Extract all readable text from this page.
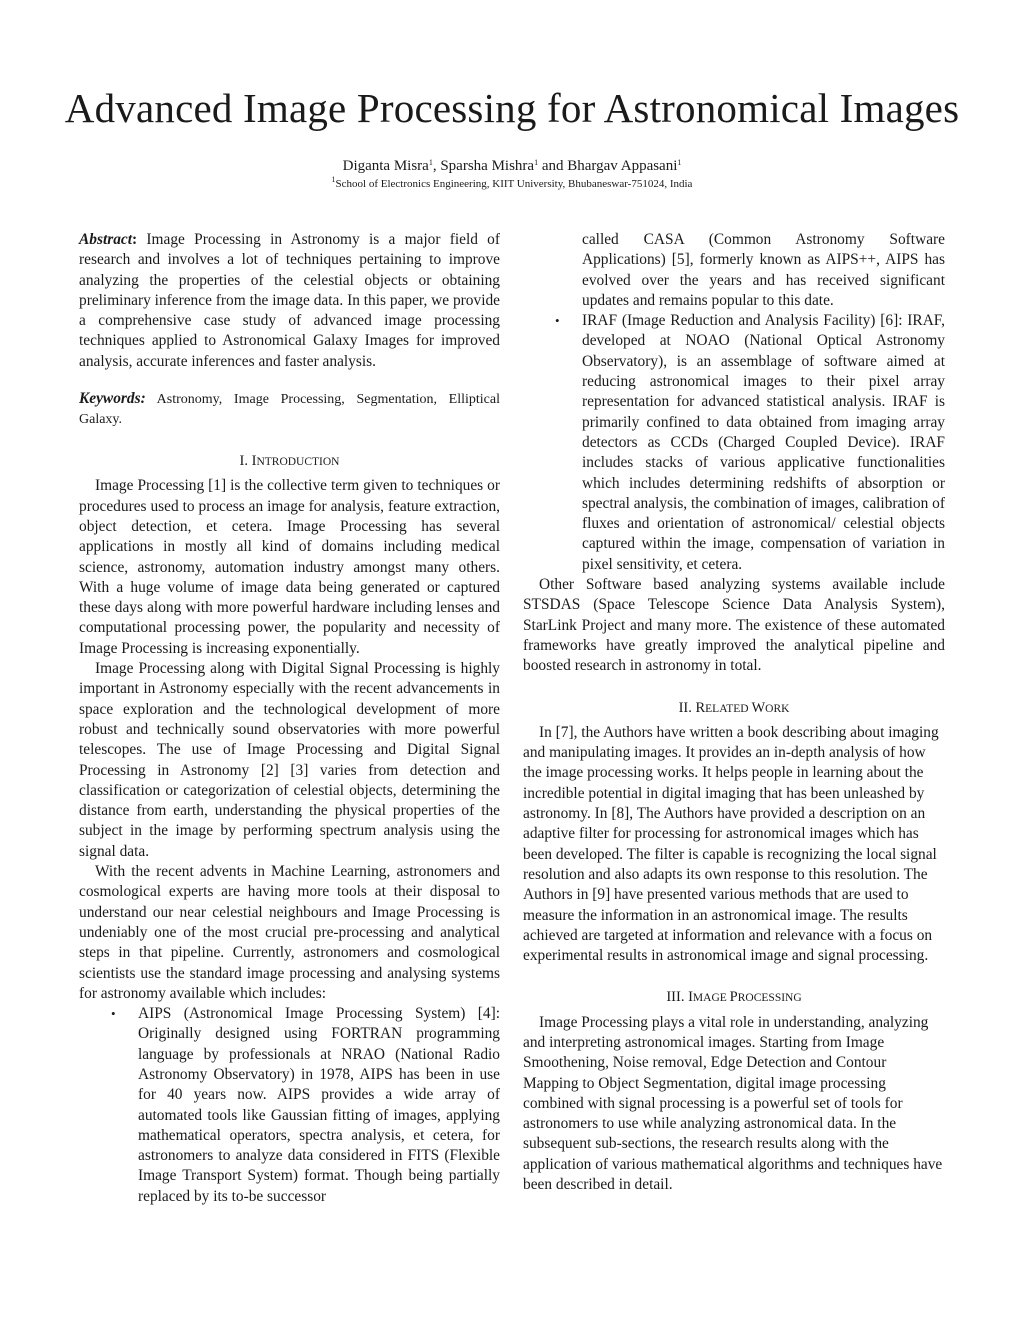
Advanced Image Processing for Astronomical Images
Diganta Misra$^1$, Sparsha Mishra$^1$ and Bhargav Appasani$^1$
$^1$School of Electronics Engineering, KIIT University, Bhubaneswar-751024, India

Abstract: Image Processing in Astronomy is a major field of research and involves a lot of techniques pertaining to improve analyzing the properties of the celestial objects or obtaining preliminary inference from the image data. In this paper, we provide a comprehensive case study of advanced image processing techniques applied to Astronomical Galaxy Images for improved analysis, accurate inferences and faster analysis.

Keywords: Astronomy, Image Processing, Segmentation, Elliptical Galaxy.

I. INTRODUCTION

Image Processing [1] is the collective term given to techniques or procedures used to process an image for analysis, feature extraction, object detection, et cetera. Image Processing has several applications in mostly all kind of domains including medical science, astronomy, automation industry amongst many others. With a huge volume of image data being generated or captured these days along with more powerful hardware including lenses and computational processing power, the popularity and necessity of Image Processing is increasing exponentially.

Image Processing along with Digital Signal Processing is highly important in Astronomy especially with the recent advancements in space exploration and the technological development of more robust and technically sound observatories with more powerful telescopes. The use of Image Processing and Digital Signal Processing in Astronomy [2] [3] varies from detection and classification or categorization of celestial objects, determining the distance from earth, understanding the physical properties of the subject in the image by performing spectrum analysis using the signal data.

With the recent advents in Machine Learning, astronomers and cosmological experts are having more tools at their disposal to understand our near celestial neighbours and Image Processing is undeniably one of the most crucial pre-processing and analytical steps in that pipeline. Currently, astronomers and cosmological scientists use the standard image processing and analysing systems for astronomy available which includes:

• AIPS (Astronomical Image Processing System) [4]: Originally designed using FORTRAN programming language by professionals at NRAO (National Radio Astronomy Observatory) in 1978, AIPS has been in use for 40 years now. AIPS provides a wide array of automated tools like Gaussian fitting of images, applying mathematical operators, spectra analysis, et cetera, for astronomers to analyze data considered in FITS (Flexible Image Transport System) format. Though being partially replaced by its to-be successor

called CASA (Common Astronomy Software Applications) [5], formerly known as AIPS++, AIPS has evolved over the years and has received significant updates and remains popular to this date.

• IRAF (Image Reduction and Analysis Facility) [6]: IRAF, developed at NOAO (National Optical Astronomy Observatory), is an assemblage of software aimed at reducing astronomical images to their pixel array representation for advanced statistical analysis. IRAF is primarily confined to data obtained from imaging array detectors as CCDs (Charged Coupled Device). IRAF includes stacks of various applicative functionalities which includes determining redshifts of absorption or spectral analysis, the combination of images, calibration of fluxes and orientation of astronomical/ celestial objects captured within the image, compensation of variation in pixel sensitivity, et cetera.

Other Software based analyzing systems available include STSDAS (Space Telescope Science Data Analysis System), StarLink Project and many more. The existence of these automated frameworks have greatly improved the analytical pipeline and boosted research in astronomy in total.

II. RELATED WORK

In [7], the Authors have written a book describing about imaging and manipulating images. It provides an in-depth analysis of how the image processing works. It helps people in learning about the incredible potential in digital imaging that has been unleashed by astronomy. In [8], The Authors have provided a description on an adaptive filter for processing for astronomical images which has been developed. The filter is capable is recognizing the local signal resolution and also adapts its own response to this resolution. The Authors in [9] have presented various methods that are used to measure the information in an astronomical image. The results achieved are targeted at information and relevance with a focus on experimental results in astronomical image and signal processing.

III. IMAGE PROCESSING

Image Processing plays a vital role in understanding, analyzing and interpreting astronomical images. Starting from Image Smoothening, Noise removal, Edge Detection and Contour Mapping to Object Segmentation, digital image processing combined with signal processing is a powerful set of tools for astronomers to use while analyzing astronomical data. In the subsequent sub-sections, the research results along with the application of various mathematical algorithms and techniques have been described in detail.
